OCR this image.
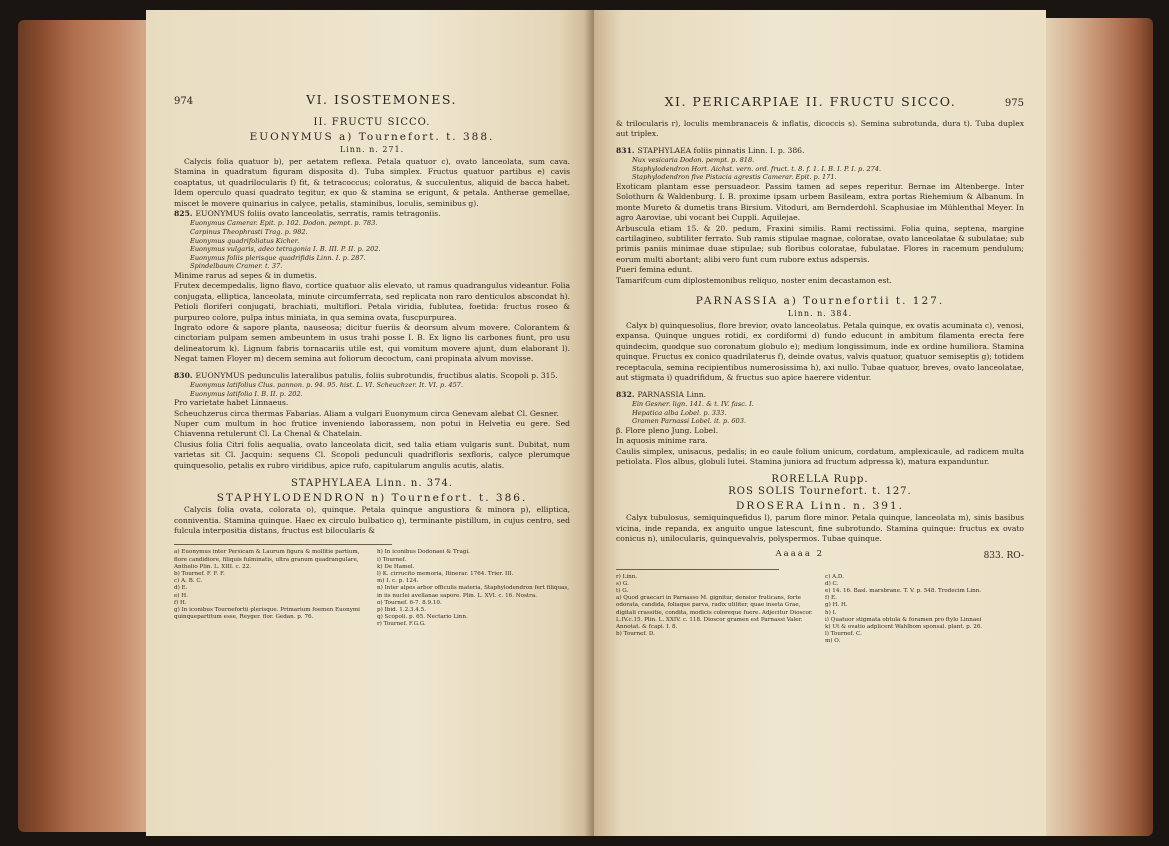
974	VI. ISOSTEMONES.
II. FRUCTU SICCO.
EUONYMUS a) Tournefort. t. 388.
Linn. n. 271.

Calycis folia quatuor b), per aetatem reflexa. Petala quatuor c), ovato lanceolata, sum cava. Stamina in quadratum figuram disposita d). Tuba simplex. Fructus quatuor partibus e) cavis coaptatus, ut quadrilocularis f) fit, & tetracoccus; coloratus, & succulentus, aliquid de bacca habet. Idem operculo quasi quadrato tegitur, ex quo & stamina se erigunt, & petala. Antherae gemellae, miscet le movere quinarius in calyce, petalis, staminibus, loculis, seminibus g).

825. EUONYMUS foliis ovato lanceolatis, serratis, ramis tetragoniis.

Euonymus Camerar. Epit. p. 102. Dodon. pempt. p. 783.

Carpinus Theophrasti Trag. p. 982.

Euonymus quadrifoliatus Kicher.

Euonymus vulgaris, adeo tetragonia I. B. III. P. II. p. 202.

Euonymus foliis plerisque quadrifidis Linn. I. p. 287.

Spindelbaum Cramer. t. 37.

Minime rarus ad sepes & in dumetis.

Frutex decempedalis, ligno flavo, cortice quatuor alis elevato, ut ramus quadrangulus videantur. Folia conjugata, elliptica, lanceolata, minute circumferrata, sed replicata non raro denticulos abscondat h). Petioli floriferi conjugati, brachiati, multiflori. Petala viridia, fublutea, foetida: fructus roseo & purpureo colore, pulpa intus miniata, in qua semina ovata, fuscpurpurea.

Ingrato odore & sapore planta, nauseosa; dicitur fueriis & deorsum alvum movere. Colorantem & cinctoriam pulpam semen ambeuntem in usus trahi posse I. B. Ex ligno lis carbones fiunt, pro usu delineatorum k). Lignum fabris tornacariis utile est, qui vomitum movere ajunt, dum elaborant l). Negat tamen Floyer m) decem semina aut foliorum decoctum, cani propinata alvum movisse.

830. EUONYMUS pedunculis lateralibus patulis, foliis subrotundis, fructibus alatis. Scopoli p. 315.

Euonymus latifolius Clus. pannon. p. 94. 95. hist. L. VI. Scheuchzer. It. VI. p. 457.

Euonymus latifolia I. B. II. p. 202.

Pro varietate habet Linnaeus.

Scheuchzerus circa thermas Fabarias. Aliam a vulgari Euonymum circa Genevam alebat Cl. Gesner.

Nuper cum multum in hoc frutice inveniendo laborassem, non potui in Helvetia eu gere. Sed Chiavenna retulerunt Cl. La Chenal & Chatelain.

Clusius folia Citri folis aequalia, ovato lanceolata dicit, sed talia etiam vulgaris sunt. Dubitat, num varietas sit Cl. Jacquin: sequens Cl. Scopoli pedunculi quadrifloris sexfloris, calyce plerumque quinquesolio, petalis ex rubro viridibus, apice rufo, capitularum angulis acutis, alatis.

STAPHYLAEA Linn. n. 374.
STAPHYLODENDRON n) Tournefort. t. 386.

Calycis folia ovata, colorata o), quinque. Petala quinque angustiora & minora p), elliptica, conniventia. Stamina quinque. Haec ex circulo bulbatico q), terminante pistillum, in cujus centro, sed fulcula interpositia distans, fructus est bilocularis &

a) Euonymus inter Persicam & Laurum figura & mollitie partium, flore candidiore, filiquis fulminatis, ultra granum quadrangulare, Anthelio Plin. L. XIII. c. 22.
b) Tournef. F. F. F.
c) A. B. C.
d) E.
e) H.
f) H.
g) In iconibus Tournefortii plerisque. Primarium foemen Euonymi quinquepartitum esse, Reyger. flor. Gedan. p. 76.
h) In iconibus Dodonaei & Tragi.
i) Tournef.
k) De Hamel.
l) K. cirrucito memoria, Itinerar. 1764. Trier. III.
m) I. c. p. 124.
n) Inter alpes arbor officulis materia, Staphylodendron fert filiquas, in iis nuclei avellanae sapore. Plin. L. XVI. c. 16. Nostra.
o) Tournef. 6-7. 8.9.10.
p) Ibid. 1.2.3.4.5.
q) Scopoli. p. 65. Nectario Linn.
r) Tournef. F.G.G.
XI. PERICARPIAE II. FRUCTU SICCO.	975

& trilocularis r), loculis membranaceis & inflatis, dicoccis s). Semina subrotunda, dura t). Tuba duplex aut triplex.

831. STAPHYLAEA foliis pinnatis Linn. I. p. 386.

Nux vesicaria Dodon. pempt. p. 818.

Staphylodendron Hort. Aichst. vern. ord. fruct. t. 8. f. 1. I. B. I. P. I. p. 274.

Staphylodendron five Pistacia agrestis Camerar. Epit. p. 171.

Exoticam plantam esse persuadeor. Passim tamen ad sepes reperitur. Bernae im Altenberge. Inter Solothurn & Waldenburg. I. B. proxime ipsam urbem Basileam, extra portas Riehemium & Albanum. In monte Mureto & dumetis trans Birsium. Vitoduri, am Bernderdohl. Scaphusiae im Mühlenthal Meyer. In agro Aaroviae, ubi vocant bei Cuppli. Aquilejae.

Arbuscula etiam 15. & 20. pedum, Fraxini similis. Rami rectissimi. Folia quina, septena, margine cartilagineo, subtiliter ferrato. Sub ramis stipulae magnae, coloratae, ovato lanceolatae & subulatae; sub primis paniis minimae duae stipulae; sub floribus coloratae, fubulatae. Flores in racemum pendulum; eorum multi abortant; alibi vero funt cum rubore extus adspersis.

Pueri femina edunt.

Tamarifcum cum diplostemonibus reliquo, noster enim decastamon est.

PARNASSIA a) Tournefortii t. 127.
Linn. n. 384.

Calyx b) quinquesolius, flore brevior, ovato lanceolatus. Petala quinque, ex ovatis acuminata c), venosi, expansa. Quinque ungues rotidi, ex cordiformi d) fundo educunt in ambitum filamenta erecta fere quindecim, quodque suo coronatum globulo e); medium longissimum, inde ex ordine humiliora. Stamina quinque. Fructus ex conico quadrilaterus f), deinde ovatus, valvis quatuor, quatuor semiseptis g); totidem receptacula, semina recipientibus numerosissima h), axi nullo. Tubae quatuor, breves, ovato lanceolatae, aut stigmata i) quadrifidum, & fructus suo apice haerere videntur.

832. PARNASSIA Linn.

Ein Gesner. lign. 141. & t. IV. fasc. I.

Hepatica alba Lobel. p. 333.

Gramen Parnassi Lobel. it. p. 603.

β. Flore pleno Jung. Lobel.

In aquosis minime rara.

Caulis simplex, unisacus, pedalis; in eo caule folium unicum, cordatum, amplexicaule, ad radicem multa petiolata. Flos albus, globuli lutei. Stamina juniora ad fructum adpressa k), matura expanduntur.

RORELLA Rupp.
ROS SOLIS Tournefort. t. 127.
DROSERA Linn. n. 391.

Calyx tubulosus, semiquinquefidus l), parum flore minor. Petala quinque, lanceolata m), sinis basibus vicina, inde repanda, ex anguito ungue latescunt, fine subrotundo. Stamina quinque: fructus ex ovato conicus n), unilocularis, quinquevalvis, polyspermos. Tubae quinque.

Aaaaa 2	833. RO-
r) Linn.
s) G.
t) G.
a) Quod graecari in Parnasso M. gignitur, densior fruticans, forte odorata, candida, foliaque parva, radix utiliter, quae inseta Grae, digitali crassitie, condita, modicis coloreque fuere. Adjecitur Dioscor. L.IV.c.15. Plin. L. XXIV. c. 118. Dioscor gramen est Parnassi Valer. Annotat. & fcapi. I. 8.
b) Tournef. D.
c) A.D.
d) C.
e) 14. 16. Basl. marsbrane. T. V. p. 548. Trodecim Linn.
f) E.
g) H. H.
h) I.
i) Quatuor stigmata obtula & foramen pro ftylo Linnaei
k) Ut & ovatio adplicent Wahlbom sponsal. plant. p. 26.
l) Tournef. C.
m) O.
